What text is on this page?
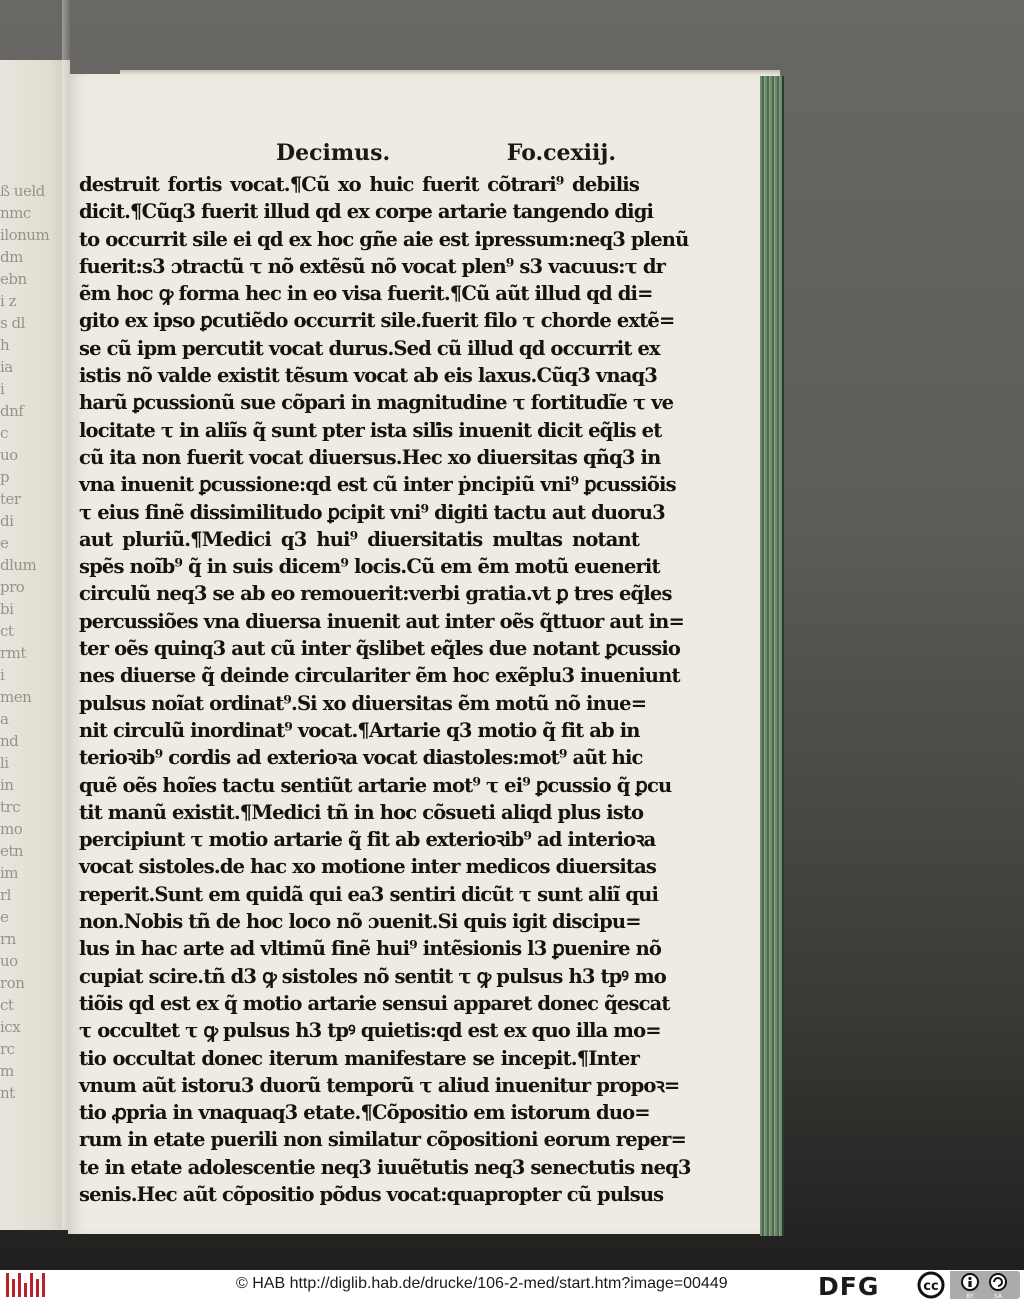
ß ueld
nmc
ilonum
dm
ebn
i z
s dl
h
ia
i
dnf
c
uo
p
ter
di
e
dlum
pro
bi
ct
rmt
i
men
a
nd
li
in
trc
mo
etn
im
rl
e
rn
uo
ron
ct
icx
rc
m
nt
Decimus.	Fo.cexiij.
destruit fortis vocat.¶Cũ xo huic fuerit cõtrari⁹ debilis
dicit.¶Cũq3 fuerit illud qd ex corpe artarie tangendo digi
to occurrit sile ei qd ex hoc gñe aie est ipressum:neq3 plenũ
fuerit:s3 ɔtractũ τ nõ extẽsũ nõ vocat plen⁹ s3 vacuus:τ dr
ẽm hoc ꝙ forma hec in eo visa fuerit.¶Cũ aũt illud qd di=
gito ex ipso ꝑcutiẽdo occurrit sile.fuerit filo τ chorde extẽ=
se cũ ipm percutit vocat durus.Sed cũ illud qd occurrit ex
istis nõ valde existit tẽsum vocat ab eis laxus.Cũq3 vnaq3
harũ ꝑcussionũ sue cõpari in magnitudine τ fortitudĩe τ ve
locitate τ in aliĩs q̃ sunt pter ista siľis inuenit dicit eq̃lis et
cũ ita non fuerit vocat diuersus.Hec xo diuersitas qñq3 in
vna inuenit ꝑcussione:qd est cũ inter ṗncipiũ vni⁹ ꝑcussiõis
τ eius finẽ dissimilitudo ꝑcipit vni⁹ digiti tactu aut duoru3
aut pluriũ.¶Medici q3 hui⁹ diuersitatis multas notant
spẽs noĩb⁹ q̃ in suis dicem⁹ locis.Cũ em ẽm motũ euenerit
circulũ neq3 se ab eo remouerit:verbi gratia.vt ꝑ tres eq̃les
percussiões vna diuersa inuenit aut inter oẽs q̃ttuor aut in=
ter oẽs quinq3 aut cũ inter q̃slibet eq̃les due notant ꝑcussio
nes diuerse q̃ deinde circulariter ẽm hoc exẽplu3 inueniunt
pulsus noĩat ordinat⁹.Si xo diuersitas ẽm motũ nõ inue=
nit circulũ inordinat⁹ vocat.¶Artarie q3 motio q̃ fit ab in
terioꝛib⁹ cordis ad exterioꝛa vocat diastoles:mot⁹ aũt hic
quẽ oẽs hoĩes tactu sentiũt artarie mot⁹ τ ei⁹ ꝑcussio q̃ ꝑcu
tit manũ existit.¶Medici tñ in hoc cõsueti aliqd plus isto
percipiunt τ motio artarie q̃ fit ab exterioꝛib⁹ ad interioꝛa
vocat sistoles.de hac xo motione inter medicos diuersitas
reperit.Sunt em quidã qui ea3 sentiri dicũt τ sunt aliĩ qui
non.Nobis tñ de hoc loco nõ ɔuenit.Si quis igit discipu=
lus in hac arte ad vltimũ finẽ hui⁹ intẽsionis l3 ꝑuenire nõ
cupiat scire.tñ d3 ꝙ sistoles nõ sentit τ ꝙ pulsus h3 tpꝰ mo
tiõis qd est ex q̃ motio artarie sensui apparet donec q̃escat
τ occultet τ ꝙ pulsus h3 tpꝰ quietis:qd est ex quo illa mo=
tio occultat donec iterum manifestare se incepit.¶Inter
vnum aũt istoru3 duorũ temporũ τ aliud inuenitur propoꝛ=
tio ꝓpria in vnaquaq3 etate.¶Cõpositio em istorum duo=
rum in etate puerili non similatur cõpositioni eorum reper=
te in etate adolescentie neq3 iuuẽtutis neq3 senectutis neq3
senis.Hec aũt cõpositio põdus vocat:quapropter cũ pulsus
© HAB http://diglib.hab.de/drucke/106-2-med/start.htm?image=00449	DFG	cc
BY	SA
